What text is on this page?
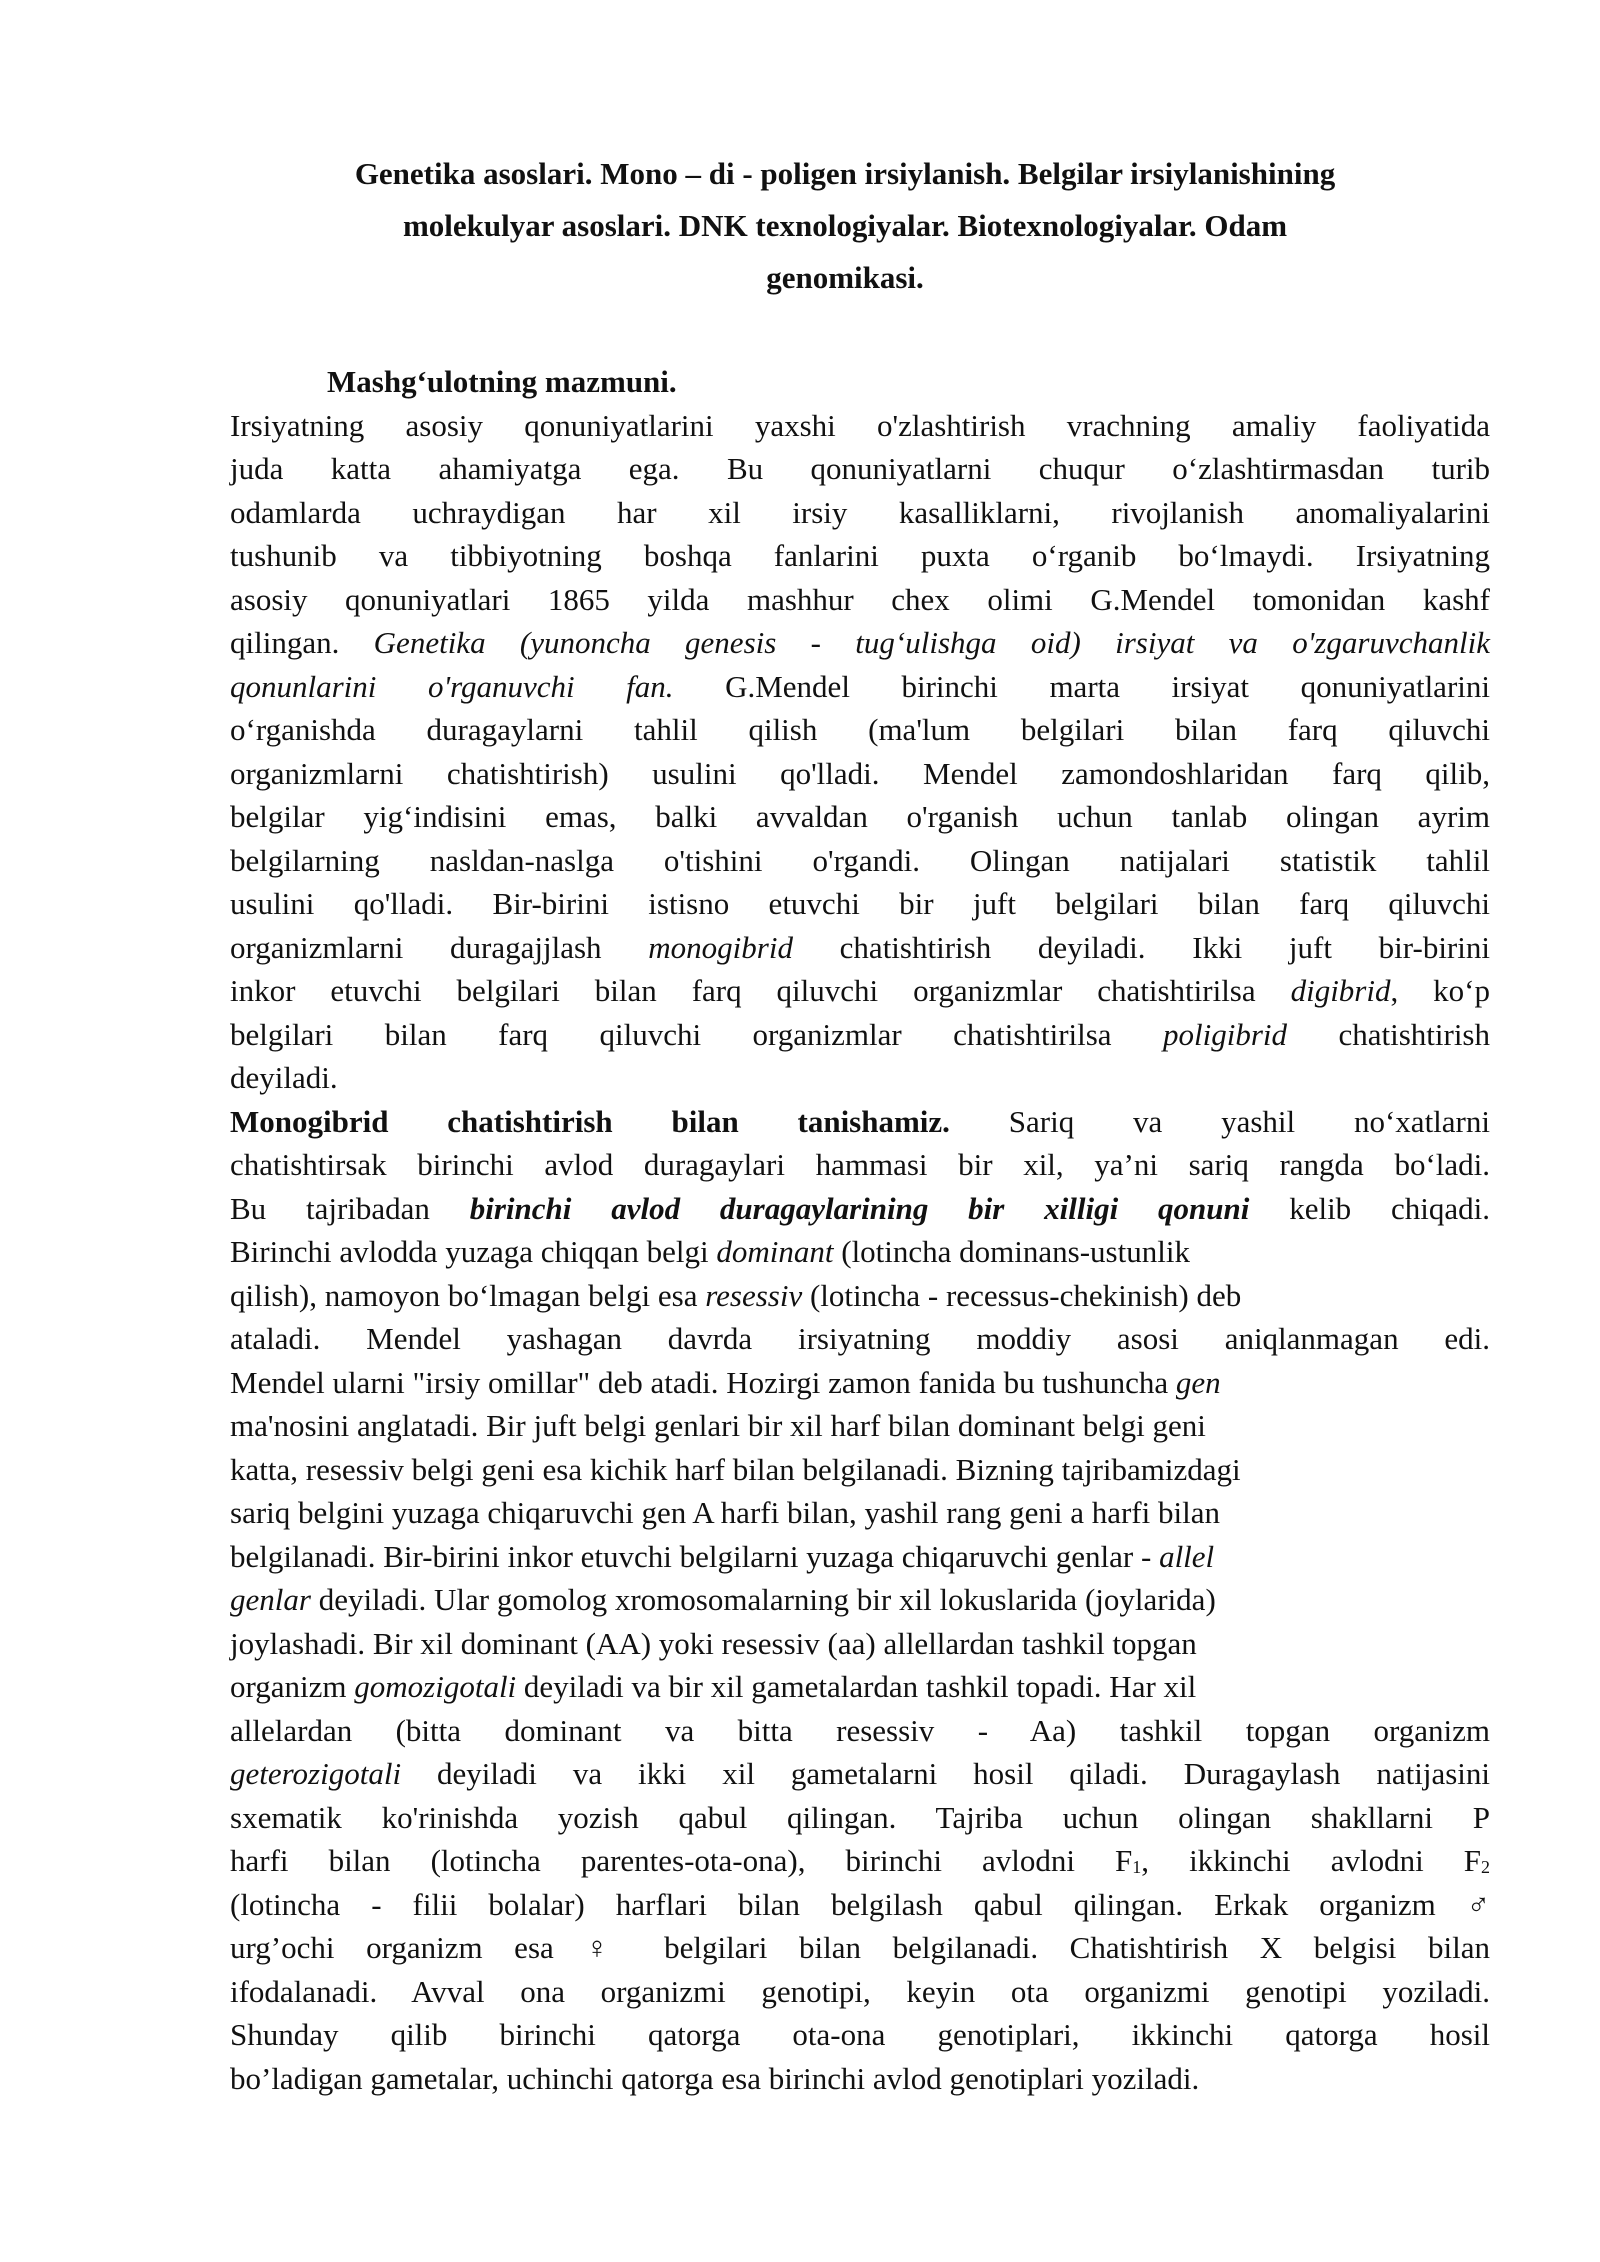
Genetika asoslari. Mono – di - poligen irsiylanish. Belgilar irsiylanishining
molekulyar asoslari. DNK texnologiyalar. Biotexnologiyalar. Odam
genomikasi.
Mashg‘ulotning mazmuni.
Irsiyatning asosiy qonuniyatlarini yaxshi o'zlashtirish vrachning amaliy faoliyatida
juda katta ahamiyatga ega. Bu qonuniyatlarni chuqur o‘zlashtirmasdan turib
odamlarda uchraydigan har xil irsiy kasalliklarni, rivojlanish anomaliyalarini
tushunib va tibbiyotning boshqa fanlarini puxta o‘rganib bo‘lmaydi. Irsiyatning
asosiy qonuniyatlari 1865 yilda mashhur chex olimi G.Mendel tomonidan kashf
qilingan. Genetika (yunoncha genesis - tug‘ulishga oid) irsiyat va o'zgaruvchanlik
qonunlarini o'rganuvchi fan. G.Mendel birinchi marta irsiyat qonuniyatlarini
o‘rganishda duragaylarni tahlil qilish (ma'lum belgilari bilan farq qiluvchi
organizmlarni chatishtirish) usulini qo'lladi. Mendel zamondoshlaridan farq qilib,
belgilar yig‘indisini emas, balki avvaldan o'rganish uchun tanlab olingan ayrim
belgilarning nasldan-naslga o'tishini o'rgandi. Olingan natijalari statistik tahlil
usulini qo'lladi. Bir-birini istisno etuvchi bir juft belgilari bilan farq qiluvchi
organizmlarni duragajjlash monogibrid chatishtirish deyiladi. Ikki juft bir-birini
inkor etuvchi belgilari bilan farq qiluvchi organizmlar chatishtirilsa digibrid, ko‘p
belgilari bilan farq qiluvchi organizmlar chatishtirilsa poligibrid chatishtirish
deyiladi.
Monogibrid chatishtirish bilan tanishamiz. Sariq va yashil no‘xatlarni
chatishtirsak birinchi avlod duragaylari hammasi bir xil, ya’ni sariq rangda bo‘ladi.
Bu tajribadan birinchi avlod duragaylarining bir xilligi qonuni kelib chiqadi.
Birinchi avlodda yuzaga chiqqan belgi dominant (lotincha dominans-ustunlik
qilish), namoyon bo‘lmagan belgi esa resessiv (lotincha - recessus-chekinish) deb
ataladi. Mendel yashagan davrda irsiyatning moddiy asosi aniqlanmagan edi.
Mendel ularni "irsiy omillar" deb atadi. Hozirgi zamon fanida bu tushuncha gen
ma'nosini anglatadi. Bir juft belgi genlari bir xil harf bilan dominant belgi geni
katta, resessiv belgi geni esa kichik harf bilan belgilanadi. Bizning tajribamizdagi
sariq belgini yuzaga chiqaruvchi gen A harfi bilan, yashil rang geni a harfi bilan
belgilanadi. Bir-birini inkor etuvchi belgilarni yuzaga chiqaruvchi genlar - allel
genlar deyiladi. Ular gomolog xromosomalarning bir xil lokuslarida (joylarida)
joylashadi. Bir xil dominant (AA) yoki resessiv (aa) allellardan tashkil topgan
organizm gomozigotali deyiladi va bir xil gametalardan tashkil topadi. Har xil
allelardan (bitta dominant va bitta resessiv - Aa) tashkil topgan organizm
geterozigotali deyiladi va ikki xil gametalarni hosil qiladi. Duragaylash natijasini
sxematik ko'rinishda yozish qabul qilingan. Tajriba uchun olingan shakllarni P
harfi bilan (lotincha parentes-ota-ona), birinchi avlodni $F_1$, ikkinchi avlodni $F_2$
(lotincha - filii bolalar) harflari bilan belgilash qabul qilingan. Erkak organizm ♂
urg’ochi organizm esa ♀ belgilari bilan belgilanadi. Chatishtirish X belgisi bilan
ifodalanadi. Avval ona organizmi genotipi, keyin ota organizmi genotipi yoziladi.
Shunday qilib birinchi qatorga ota-ona genotiplari, ikkinchi qatorga hosil
bo’ladigan gametalar, uchinchi qatorga esa birinchi avlod genotiplari yoziladi.
